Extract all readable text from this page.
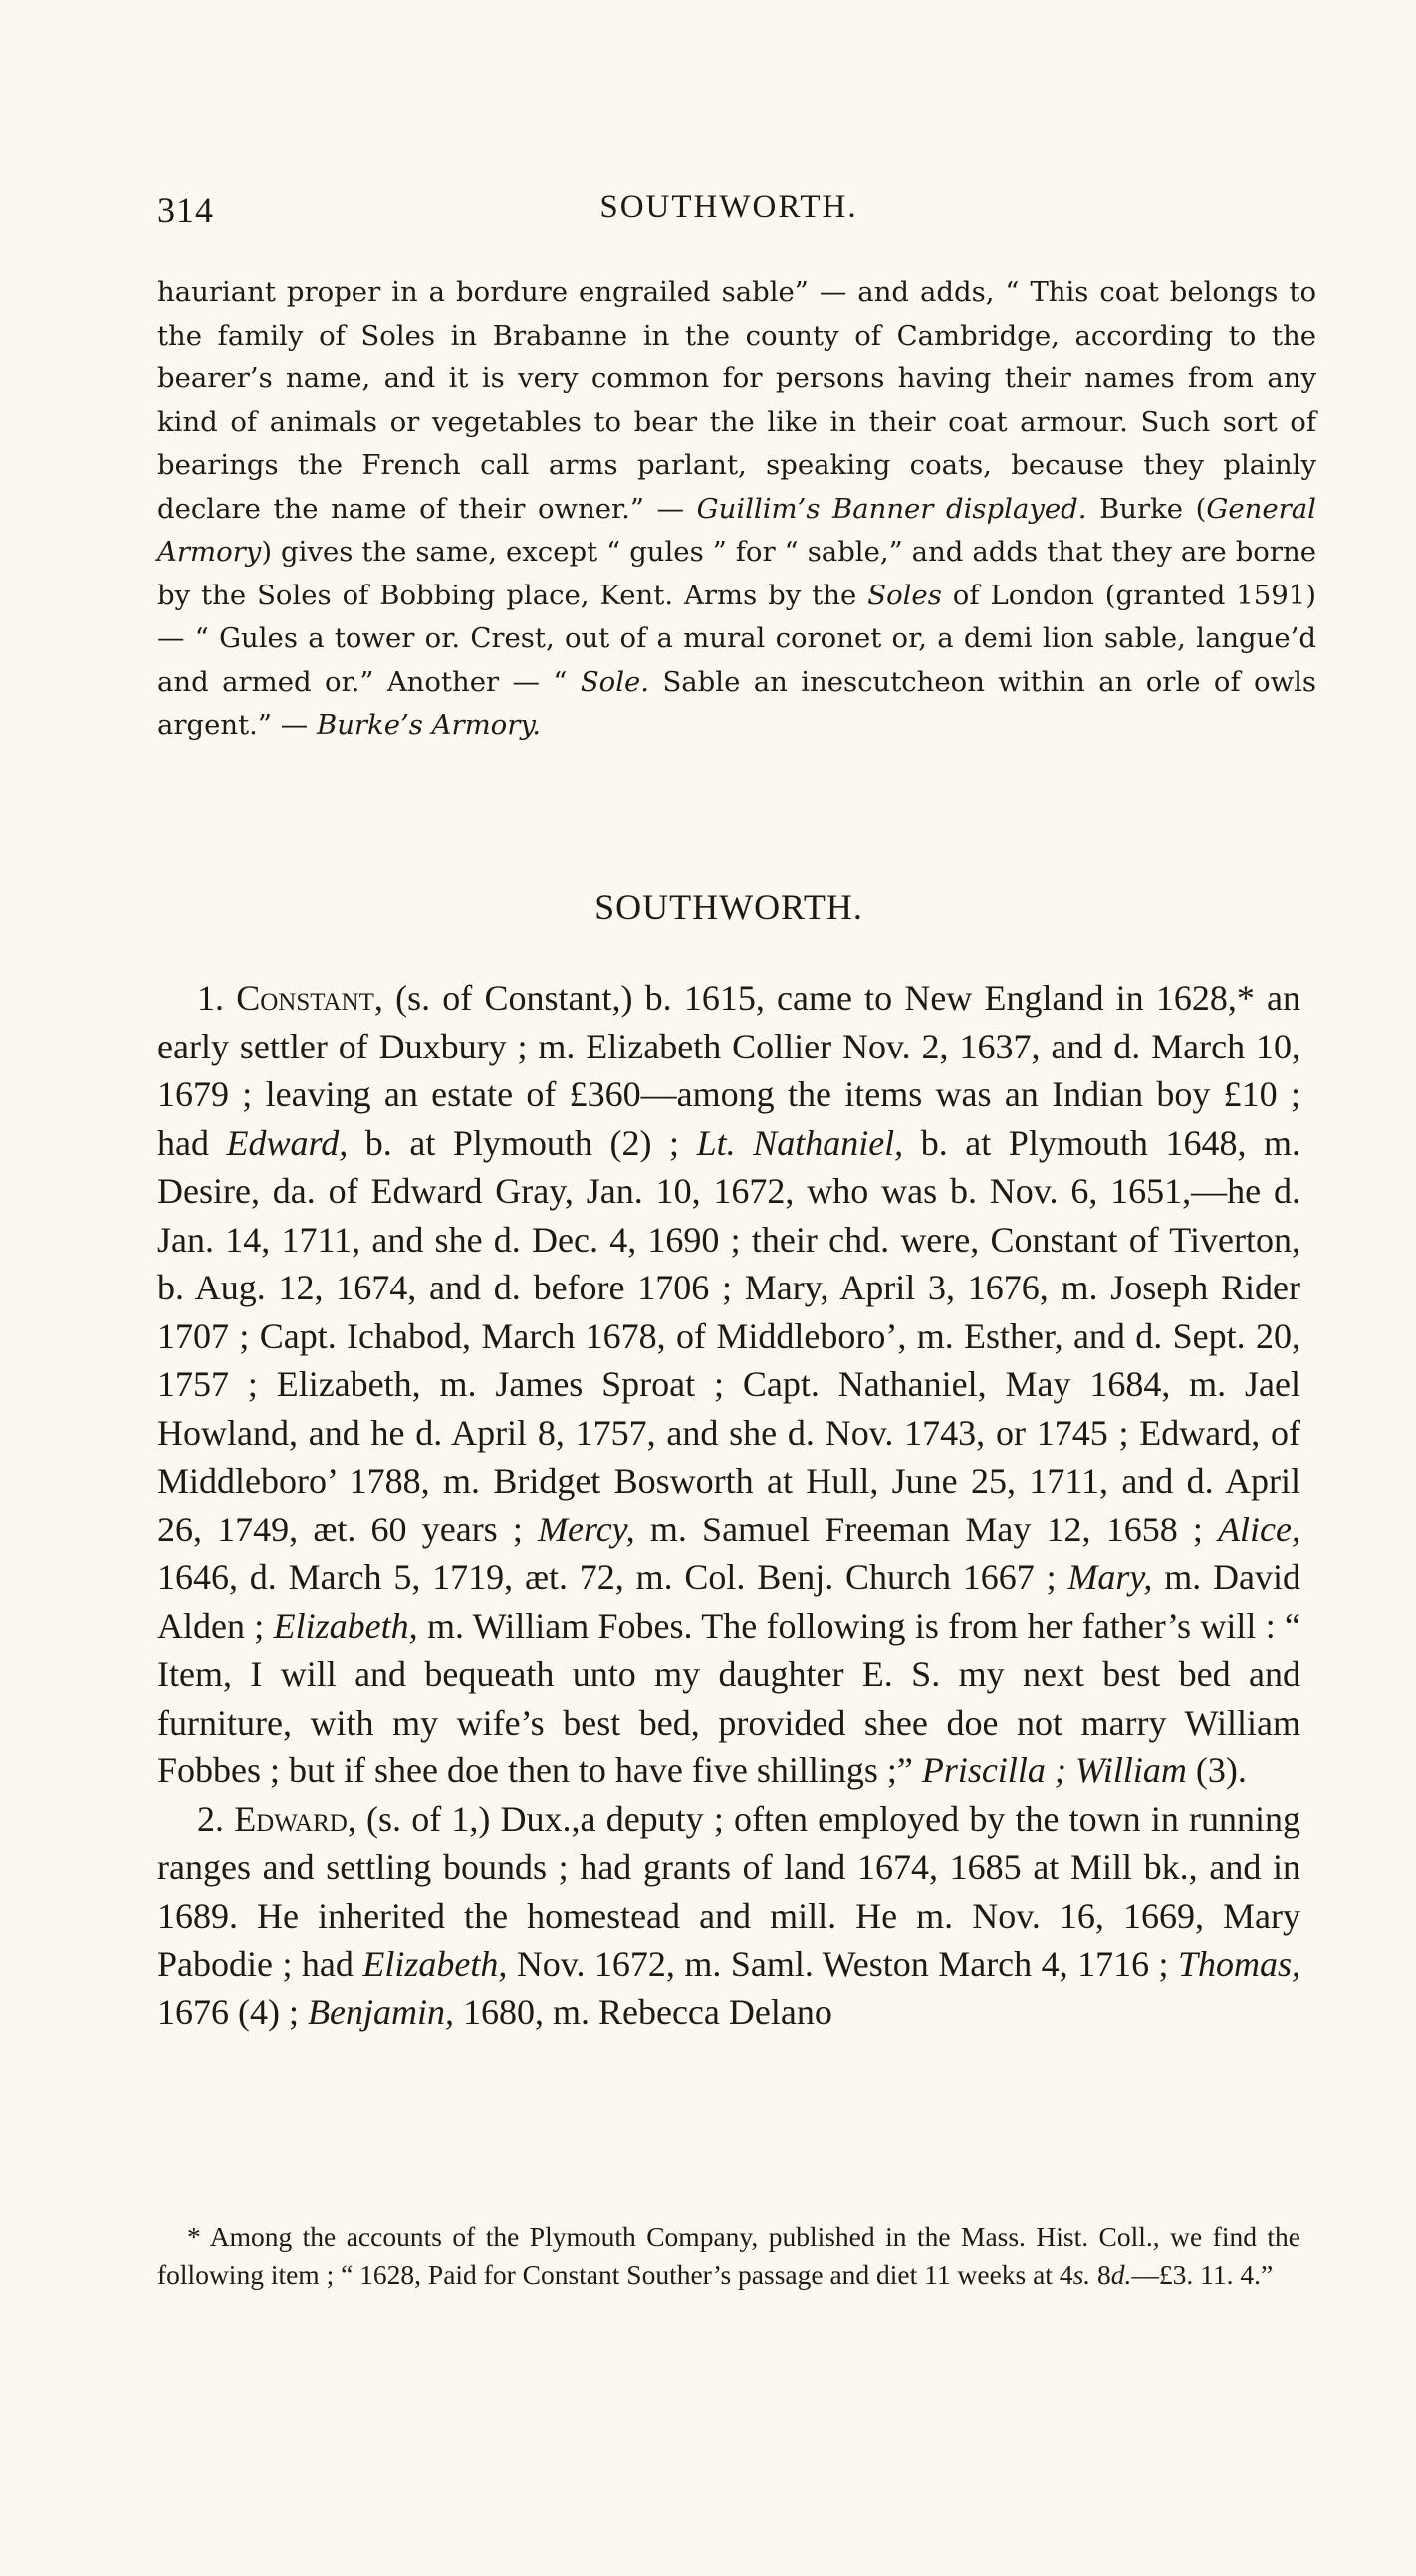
314	SOUTHWORTH.

hauriant proper in a bordure engrailed sable” — and adds, “ This coat belongs to the family of Soles in Brabanne in the county of Cambridge, according to the bearer’s name, and it is very common for persons having their names from any kind of animals or vegetables to bear the like in their coat armour. Such sort of bearings the French call arms parlant, speaking coats, because they plainly declare the name of their owner.” — Guillim’s Banner displayed. Burke (General Armory) gives the same, except “ gules ” for “ sable,” and adds that they are borne by the Soles of Bobbing place, Kent. Arms by the Soles of London (granted 1591) — “ Gules a tower or. Crest, out of a mural coronet or, a demi lion sable, langue’d and armed or.” Another — “ Sole. Sable an inescutcheon within an orle of owls argent.” — Burke’s Armory.

SOUTHWORTH.

1. Constant, (s. of Constant,) b. 1615, came to New England in 1628,* an early settler of Duxbury ; m. Elizabeth Collier Nov. 2, 1637, and d. March 10, 1679 ; leaving an estate of £360—among the items was an Indian boy £10 ; had Edward, b. at Plymouth (2) ; Lt. Nathaniel, b. at Plymouth 1648, m. Desire, da. of Edward Gray, Jan. 10, 1672, who was b. Nov. 6, 1651,—he d. Jan. 14, 1711, and she d. Dec. 4, 1690 ; their chd. were, Constant of Tiverton, b. Aug. 12, 1674, and d. before 1706 ; Mary, April 3, 1676, m. Joseph Rider 1707 ; Capt. Ichabod, March 1678, of Middleboro’, m. Esther, and d. Sept. 20, 1757 ; Elizabeth, m. James Sproat ; Capt. Nathaniel, May 1684, m. Jael Howland, and he d. April 8, 1757, and she d. Nov. 1743, or 1745 ; Edward, of Middleboro’ 1788, m. Bridget Bosworth at Hull, June 25, 1711, and d. April 26, 1749, æt. 60 years ; Mercy, m. Samuel Freeman May 12, 1658 ; Alice, 1646, d. March 5, 1719, æt. 72, m. Col. Benj. Church 1667 ; Mary, m. David Alden ; Elizabeth, m. William Fobes. The following is from her father’s will : “ Item, I will and bequeath unto my daughter E. S. my next best bed and furniture, with my wife’s best bed, provided shee doe not marry William Fobbes ; but if shee doe then to have five shillings ;” Priscilla ; William (3).

2. Edward, (s. of 1,) Dux.,a deputy ; often employed by the town in running ranges and settling bounds ; had grants of land 1674, 1685 at Mill bk., and in 1689. He inherited the homestead and mill. He m. Nov. 16, 1669, Mary Pabodie ; had Elizabeth, Nov. 1672, m. Saml. Weston March 4, 1716 ; Thomas, 1676 (4) ; Benjamin, 1680, m. Rebecca Delano

* Among the accounts of the Plymouth Company, published in the Mass. Hist. Coll., we find the following item ; “ 1628, Paid for Constant Souther’s passage and diet 11 weeks at 4s. 8d.—£3. 11. 4.”
